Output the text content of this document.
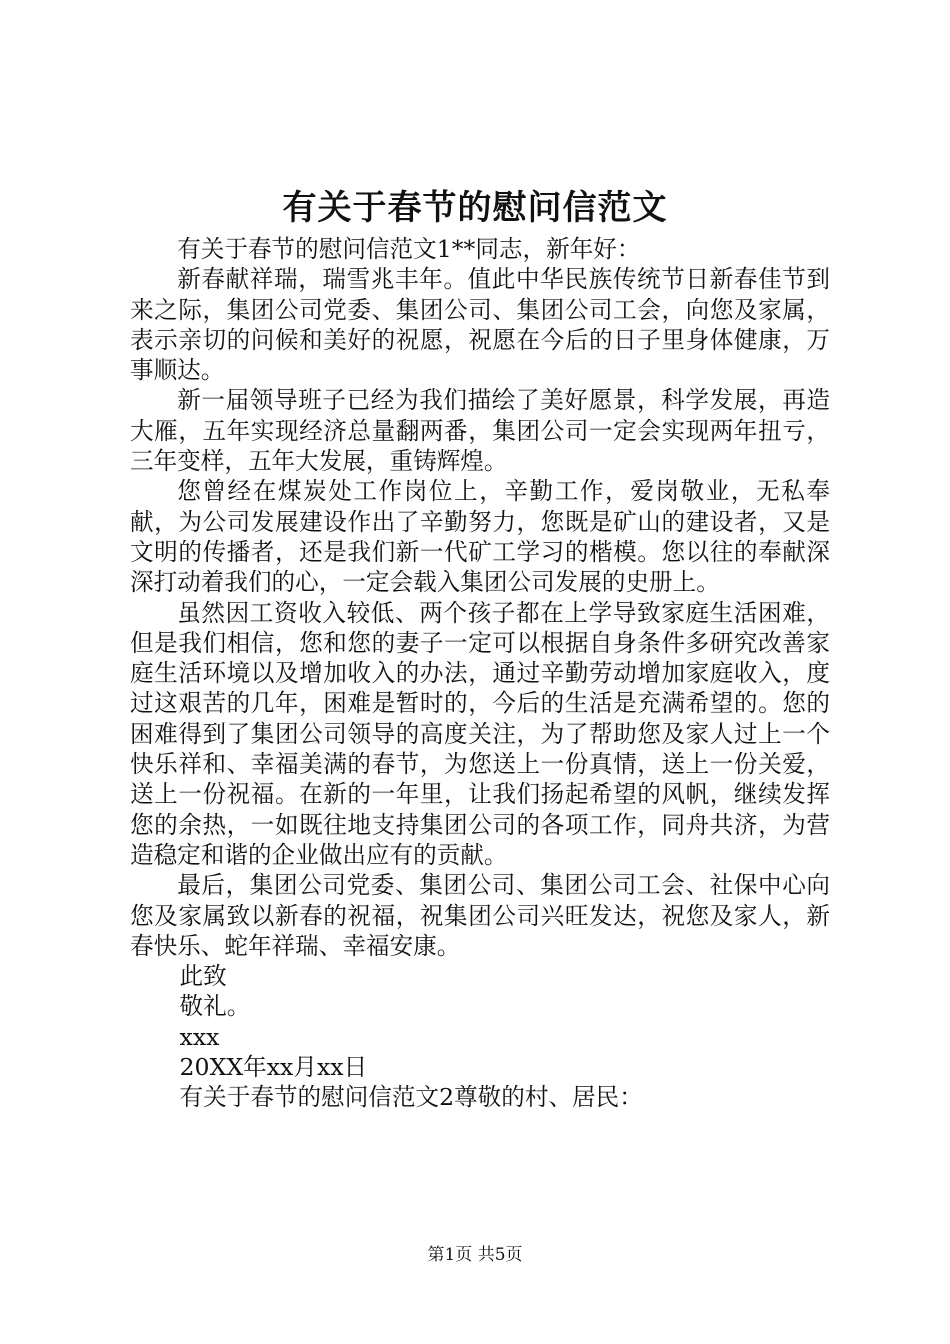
有关于春节的慰问信范文

有关于春节的慰问信范文1**同志，新年好：

新春献祥瑞，瑞雪兆丰年。值此中华民族传统节日新春佳节到来之际，集团公司党委、集团公司、集团公司工会，向您及家属，表示亲切的问候和美好的祝愿，祝愿在今后的日子里身体健康，万事顺达。

新一届领导班子已经为我们描绘了美好愿景，科学发展，再造大雁，五年实现经济总量翻两番，集团公司一定会实现两年扭亏，三年变样，五年大发展，重铸辉煌。

您曾经在煤炭处工作岗位上，辛勤工作，爱岗敬业，无私奉献，为公司发展建设作出了辛勤努力，您既是矿山的建设者，又是文明的传播者，还是我们新一代矿工学习的楷模。您以往的奉献深深打动着我们的心，一定会载入集团公司发展的史册上。

虽然因工资收入较低、两个孩子都在上学导致家庭生活困难，但是我们相信，您和您的妻子一定可以根据自身条件多研究改善家庭生活环境以及增加收入的办法，通过辛勤劳动增加家庭收入，度过这艰苦的几年，困难是暂时的，今后的生活是充满希望的。您的困难得到了集团公司领导的高度关注，为了帮助您及家人过上一个快乐祥和、幸福美满的春节，为您送上一份真情，送上一份关爱，送上一份祝福。在新的一年里，让我们扬起希望的风帆，继续发挥您的余热，一如既往地支持集团公司的各项工作，同舟共济，为营造稳定和谐的企业做出应有的贡献。

最后，集团公司党委、集团公司、集团公司工会、社保中心向您及家属致以新春的祝福，祝集团公司兴旺发达，祝您及家人，新春快乐、蛇年祥瑞、幸福安康。

此致

敬礼。

xxx

20XX年xx月xx日

有关于春节的慰问信范文2尊敬的村、居民：

第1页 共5页
